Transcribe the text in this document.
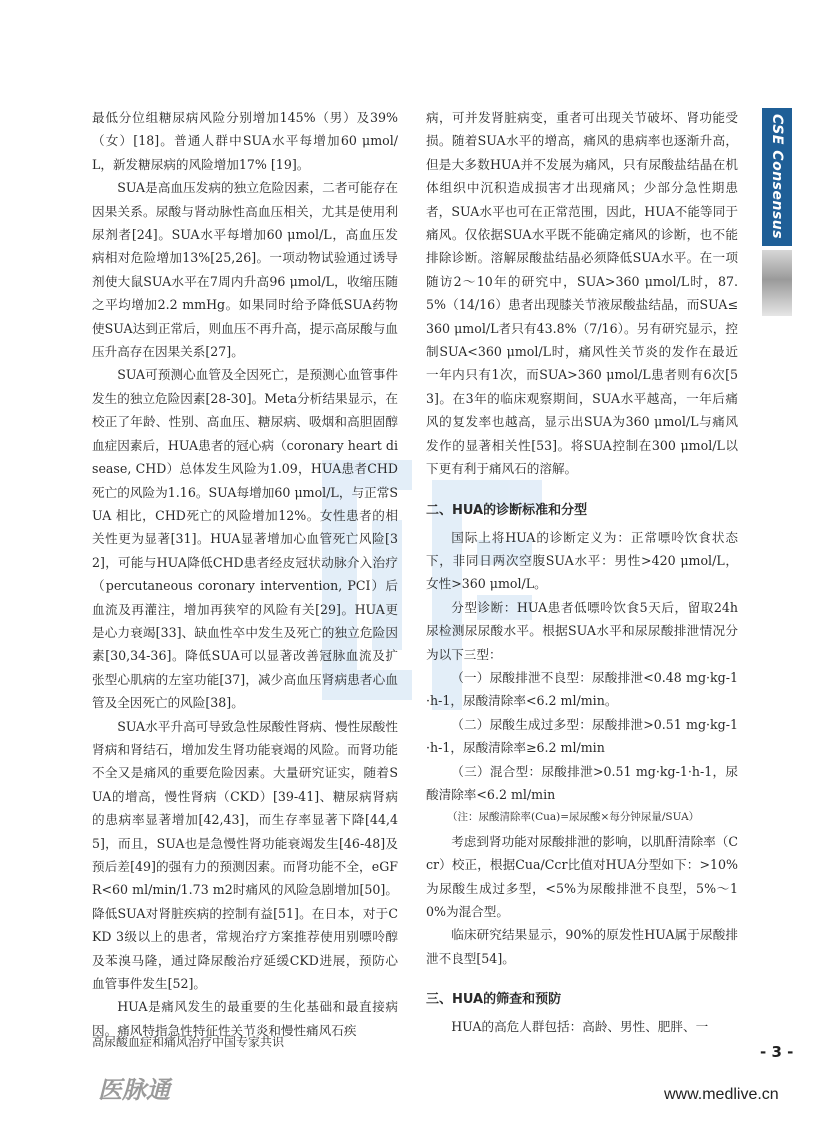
CSE Consensus

最低分位组糖尿病风险分别增加145%（男）及39%（女）[18]。普通人群中SUA水平每增加60 μmol/L，新发糖尿病的风险增加17% [19]。

SUA是高血压发病的独立危险因素，二者可能存在因果关系。尿酸与肾动脉性高血压相关，尤其是使用利尿剂者[24]。SUA水平每增加60 μmol/L，高血压发病相对危险增加13%[25,26]。一项动物试验通过诱导剂使大鼠SUA水平在7周内升高96 μmol/L，收缩压随之平均增加2.2 mmHg。如果同时给予降低SUA药物使SUA达到正常后，则血压不再升高，提示高尿酸与血压升高存在因果关系[27]。

SUA可预测心血管及全因死亡，是预测心血管事件发生的独立危险因素[28-30]。Meta分析结果显示，在校正了年龄、性别、高血压、糖尿病、吸烟和高胆固醇血症因素后，HUA患者的冠心病（coronary heart disease, CHD）总体发生风险为1.09，HUA患者CHD死亡的风险为1.16。SUA每增加60 μmol/L，与正常SUA 相比，CHD死亡的风险增加12%。女性患者的相关性更为显著[31]。HUA显著增加心血管死亡风险[32]，可能与HUA降低CHD患者经皮冠状动脉介入治疗（percutaneous coronary intervention, PCI）后血流及再灌注，增加再狭窄的风险有关[29]。HUA更是心力衰竭[33]、缺血性卒中发生及死亡的独立危险因素[30,34-36]。降低SUA可以显著改善冠脉血流及扩张型心肌病的左室功能[37]，减少高血压肾病患者心血管及全因死亡的风险[38]。

SUA水平升高可导致急性尿酸性肾病、慢性尿酸性肾病和肾结石，增加发生肾功能衰竭的风险。而肾功能不全又是痛风的重要危险因素。大量研究证实，随着SUA的增高，慢性肾病（CKD）[39-41]、糖尿病肾病的患病率显著增加[42,43]，而生存率显著下降[44,45]，而且，SUA也是急慢性肾功能衰竭发生[46-48]及预后差[49]的强有力的预测因素。而肾功能不全，eGFR<60 ml/min/1.73 m2时痛风的风险急剧增加[50]。降低SUA对肾脏疾病的控制有益[51]。在日本，对于CKD 3级以上的患者，常规治疗方案推荐使用别嘌呤醇及苯溴马隆，通过降尿酸治疗延缓CKD进展，预防心血管事件发生[52]。

HUA是痛风发生的最重要的生化基础和最直接病因。痛风特指急性特征性关节炎和慢性痛风石疾

病，可并发肾脏病变，重者可出现关节破坏、肾功能受损。随着SUA水平的增高，痛风的患病率也逐渐升高，但是大多数HUA并不发展为痛风，只有尿酸盐结晶在机体组织中沉积造成损害才出现痛风；少部分急性期患者，SUA水平也可在正常范围，因此，HUA不能等同于痛风。仅依据SUA水平既不能确定痛风的诊断，也不能排除诊断。溶解尿酸盐结晶必须降低SUA水平。在一项随访2～10年的研究中，SUA>360 μmol/L时，87.5%（14/16）患者出现膝关节液尿酸盐结晶，而SUA≤360 μmol/L者只有43.8%（7/16）。另有研究显示，控制SUA<360 μmol/L时，痛风性关节炎的发作在最近一年内只有1次，而SUA>360 μmol/L患者则有6次[53]。在3年的临床观察期间，SUA水平越高，一年后痛风的复发率也越高，显示出SUA为360 μmol/L与痛风发作的显著相关性[53]。将SUA控制在300 μmol/L以下更有利于痛风石的溶解。

二、HUA的诊断标准和分型

国际上将HUA的诊断定义为：正常嘌呤饮食状态下，非同日两次空腹SUA水平：男性>420 μmol/L，女性>360 μmol/L。

分型诊断：HUA患者低嘌呤饮食5天后，留取24h尿检测尿尿酸水平。根据SUA水平和尿尿酸排泄情况分为以下三型：

（一）尿酸排泄不良型：尿酸排泄<0.48 mg·kg-1·h-1，尿酸清除率<6.2 ml/min。

（二）尿酸生成过多型：尿酸排泄>0.51 mg·kg-1·h-1，尿酸清除率≥6.2 ml/min

（三）混合型：尿酸排泄>0.51 mg·kg-1·h-1，尿酸清除率<6.2 ml/min

（注：尿酸清除率(Cua)=尿尿酸×每分钟尿量/SUA）

考虑到肾功能对尿酸排泄的影响，以肌酐清除率（Ccr）校正，根据Cua/Ccr比值对HUA分型如下：>10%为尿酸生成过多型，<5%为尿酸排泄不良型，5%～10%为混合型。

临床研究结果显示，90%的原发性HUA属于尿酸排泄不良型[54]。

三、HUA的筛查和预防

HUA的高危人群包括：高龄、男性、肥胖、一

高尿酸血症和痛风治疗中国专家共识
- 3 -
医脉通	www.medlive.cn
